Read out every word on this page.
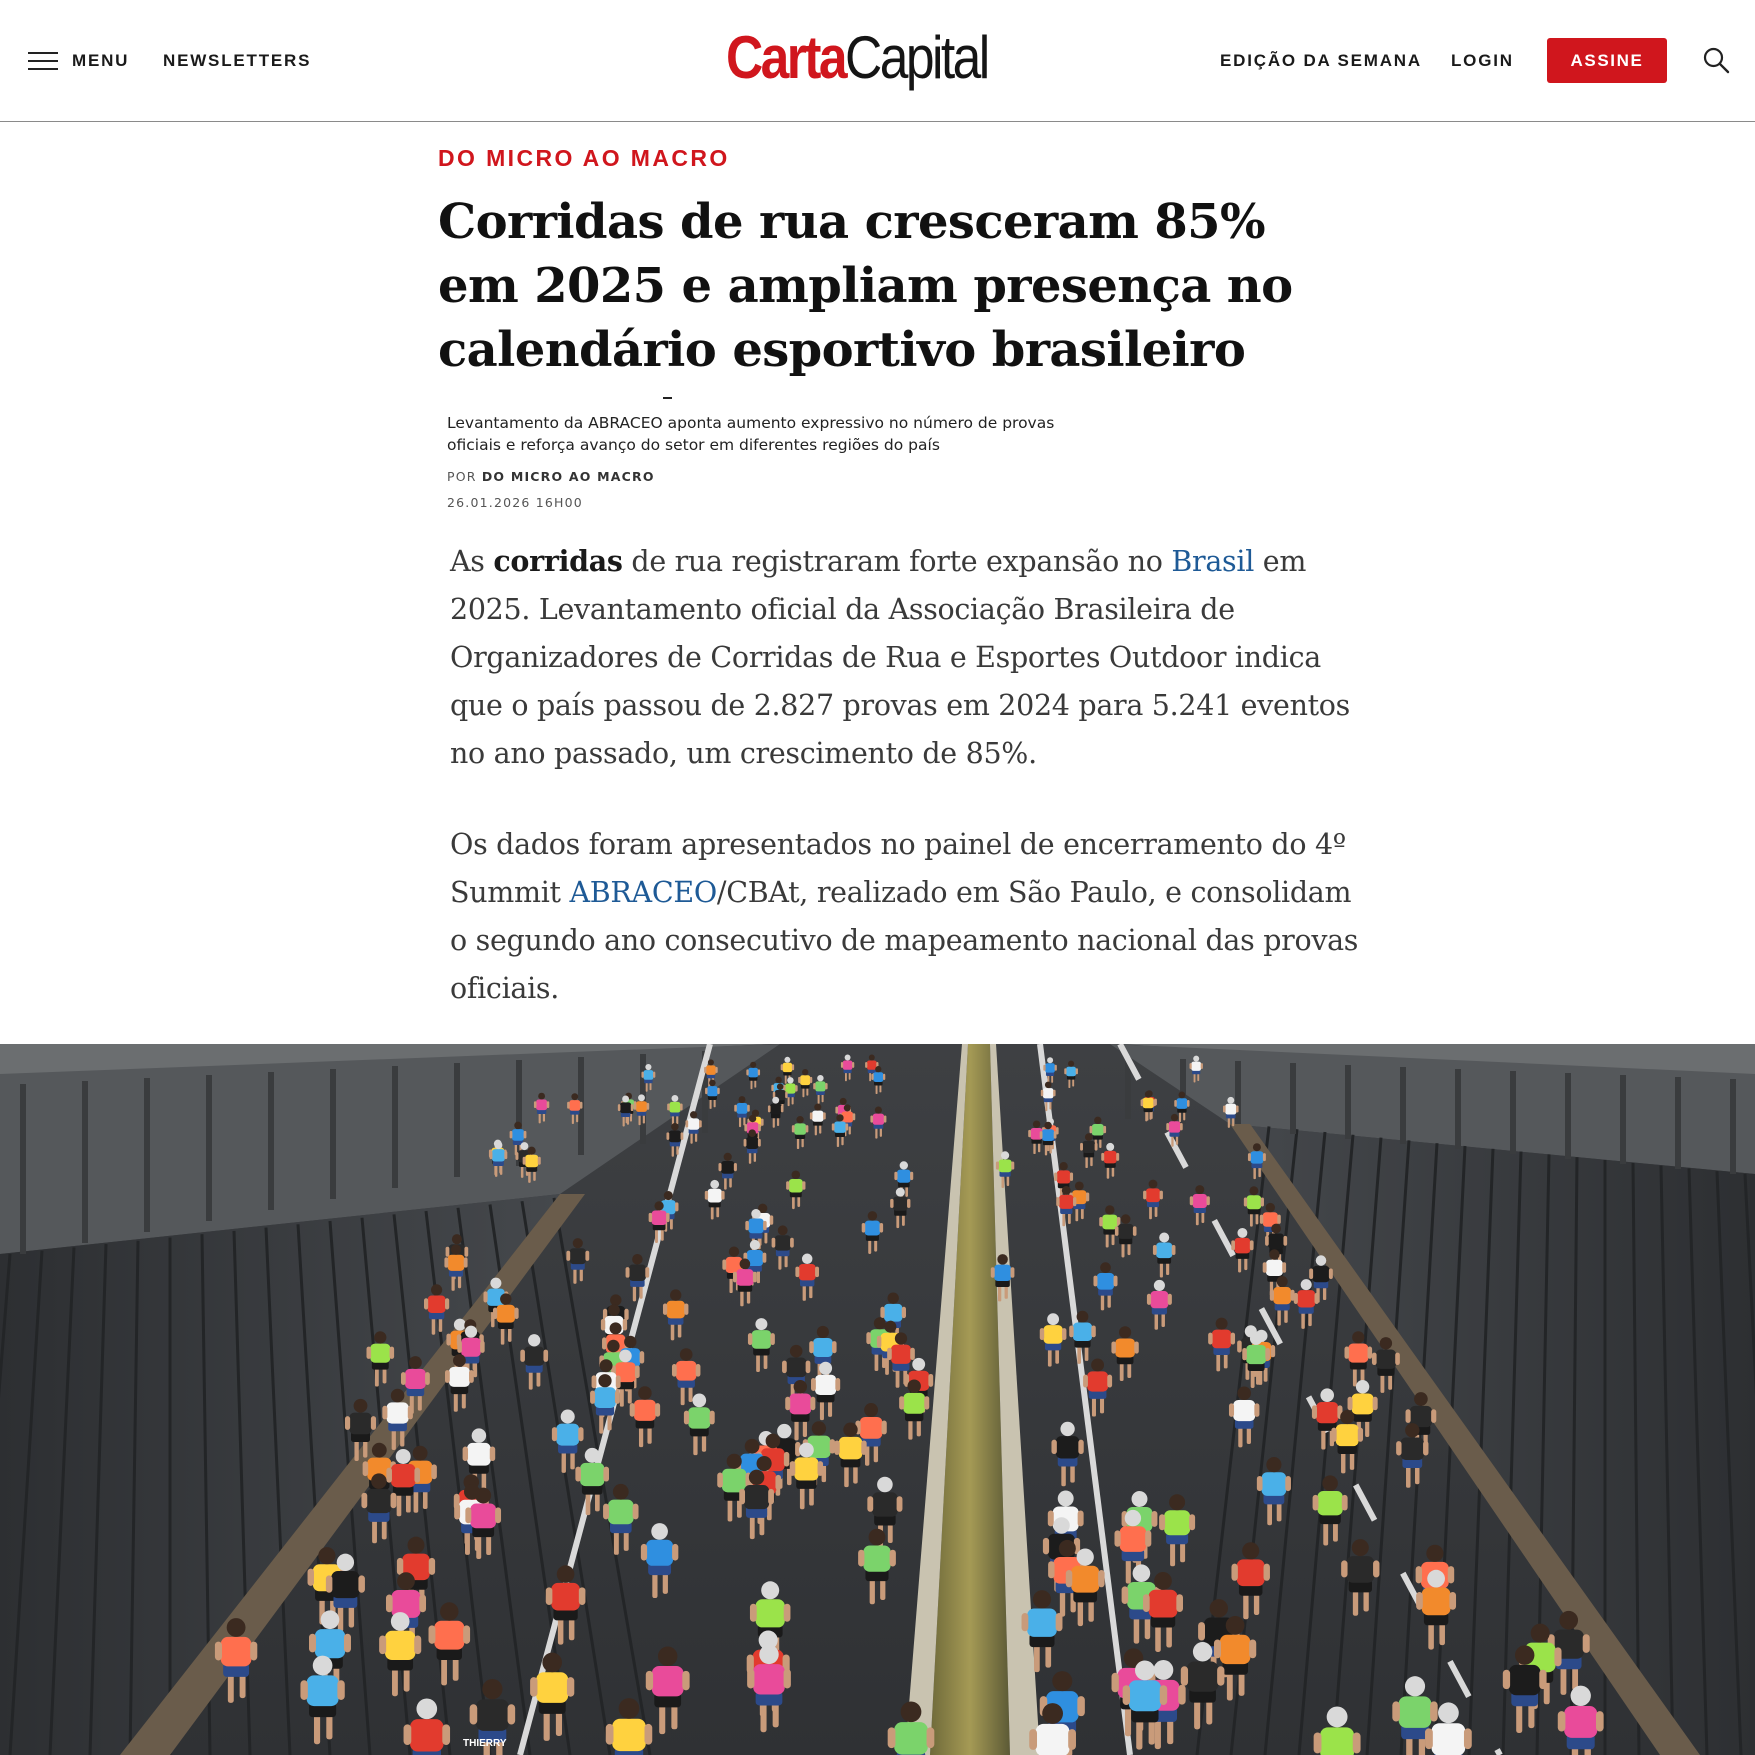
MENU NEWSLETTERS	CartaCapital	EDIÇÃO DA SEMANA LOGIN	ASSINE
DO MICRO AO MACRO
Corridas de rua cresceram 85% em 2025 e ampliam presença no calendário esportivo brasileiro

Levantamento da ABRACEO aponta aumento expressivo no número de provas oficiais e reforça avanço do setor em diferentes regiões do país

POR DO MICRO AO MACRO
26.01.2026 16H00

As corridas de rua registraram forte expansão no Brasil em 2025. Levantamento oficial da Associação Brasileira de Organizadores de Corridas de Rua e Esportes Outdoor indica que o país passou de 2.827 provas em 2024 para 5.241 eventos no ano passado, um crescimento de 85%.

Os dados foram apresentados no painel de encerramento do 4º Summit ABRACEO/CBAt, realizado em São Paulo, e consolidam o segundo ano consecutivo de mapeamento nacional das provas oficiais.

THIERRY
